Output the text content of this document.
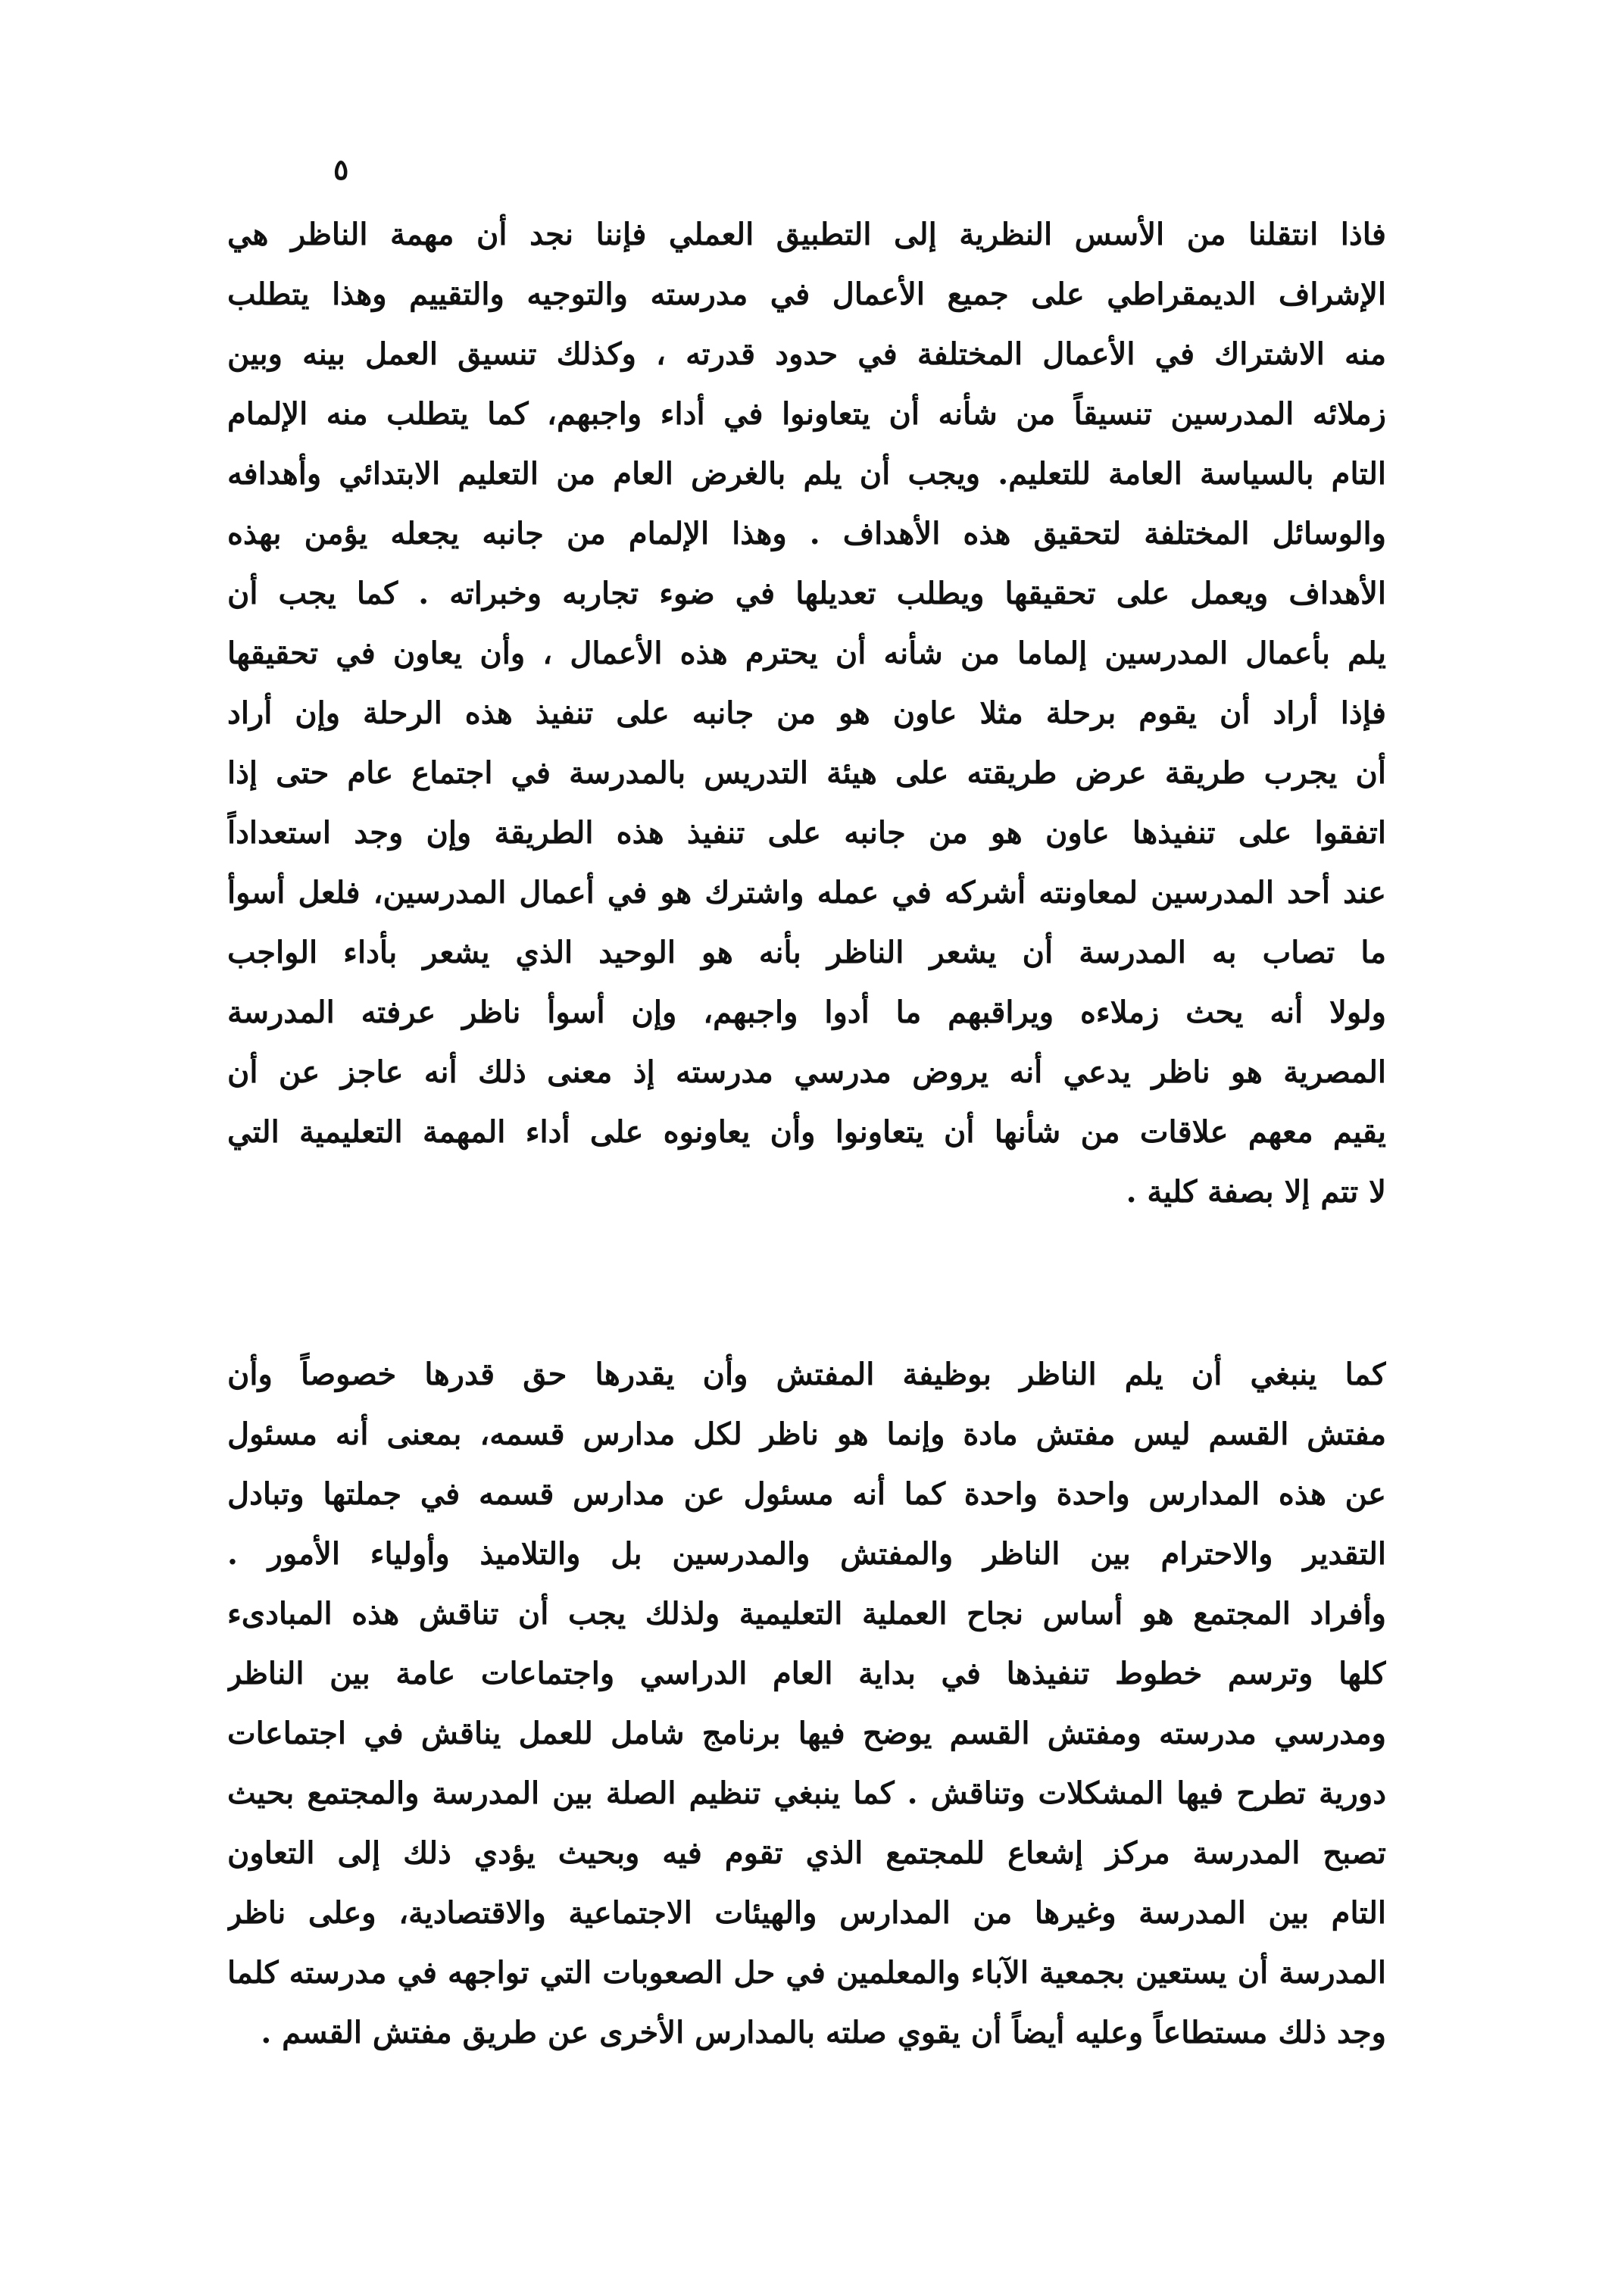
٥
فاذا انتقلنا من الأسس النظرية إلى التطبيق العملي فإننا نجد أن مهمة الناظر هي
الإشراف الديمقراطي على جميع الأعمال في مدرسته والتوجيه والتقييم وهذا يتطلب
منه الاشتراك في الأعمال المختلفة في حدود قدرته ، وكذلك تنسيق العمل بينه وبين
زملائه المدرسين تنسيقاً من شأنه أن يتعاونوا في أداء واجبهم، كما يتطلب منه الإلمام
التام بالسياسة العامة للتعليم. ويجب أن يلم بالغرض العام من التعليم الابتدائي وأهدافه
والوسائل المختلفة لتحقيق هذه الأهداف . وهذا الإلمام من جانبه يجعله يؤمن بهذه
الأهداف ويعمل على تحقيقها ويطلب تعديلها في ضوء تجاربه وخبراته . كما يجب أن
يلم بأعمال المدرسين إلماما من شأنه أن يحترم هذه الأعمال ، وأن يعاون في تحقيقها
فإذا أراد أن يقوم برحلة مثلا عاون هو من جانبه على تنفيذ هذه الرحلة وإن أراد
أن يجرب طريقة عرض طريقته على هيئة التدريس بالمدرسة في اجتماع عام حتى إذا
اتفقوا على تنفيذها عاون هو من جانبه على تنفيذ هذه الطريقة وإن وجد استعداداً
عند أحد المدرسين لمعاونته أشركه في عمله واشترك هو في أعمال المدرسين، فلعل أسوأ
ما تصاب به المدرسة أن يشعر الناظر بأنه هو الوحيد الذي يشعر بأداء الواجب
ولولا أنه يحث زملاءه ويراقبهم ما أدوا واجبهم، وإن أسوأ ناظر عرفته المدرسة
المصرية هو ناظر يدعي أنه يروض مدرسي مدرسته إذ معنى ذلك أنه عاجز عن أن
يقيم معهم علاقات من شأنها أن يتعاونوا وأن يعاونوه على أداء المهمة التعليمية التي
لا تتم إلا بصفة كلية .
كما ينبغي أن يلم الناظر بوظيفة المفتش وأن يقدرها حق قدرها خصوصاً وأن
مفتش القسم ليس مفتش مادة وإنما هو ناظر لكل مدارس قسمه، بمعنى أنه مسئول
عن هذه المدارس واحدة واحدة كما أنه مسئول عن مدارس قسمه في جملتها وتبادل
التقدير والاحترام بين الناظر والمفتش والمدرسين بل والتلاميذ وأولياء الأمور .
وأفراد المجتمع هو أساس نجاح العملية التعليمية ولذلك يجب أن تناقش هذه المبادىء
كلها وترسم خطوط تنفيذها في بداية العام الدراسي واجتماعات عامة بين الناظر
ومدرسي مدرسته ومفتش القسم يوضح فيها برنامج شامل للعمل يناقش في اجتماعات
دورية تطرح فيها المشكلات وتناقش . كما ينبغي تنظيم الصلة بين المدرسة والمجتمع بحيث
تصبح المدرسة مركز إشعاع للمجتمع الذي تقوم فيه وبحيث يؤدي ذلك إلى التعاون
التام بين المدرسة وغيرها من المدارس والهيئات الاجتماعية والاقتصادية، وعلى ناظر
المدرسة أن يستعين بجمعية الآباء والمعلمين في حل الصعوبات التي تواجهه في مدرسته كلما
وجد ذلك مستطاعاً وعليه أيضاً أن يقوي صلته بالمدارس الأخرى عن طريق مفتش القسم .
